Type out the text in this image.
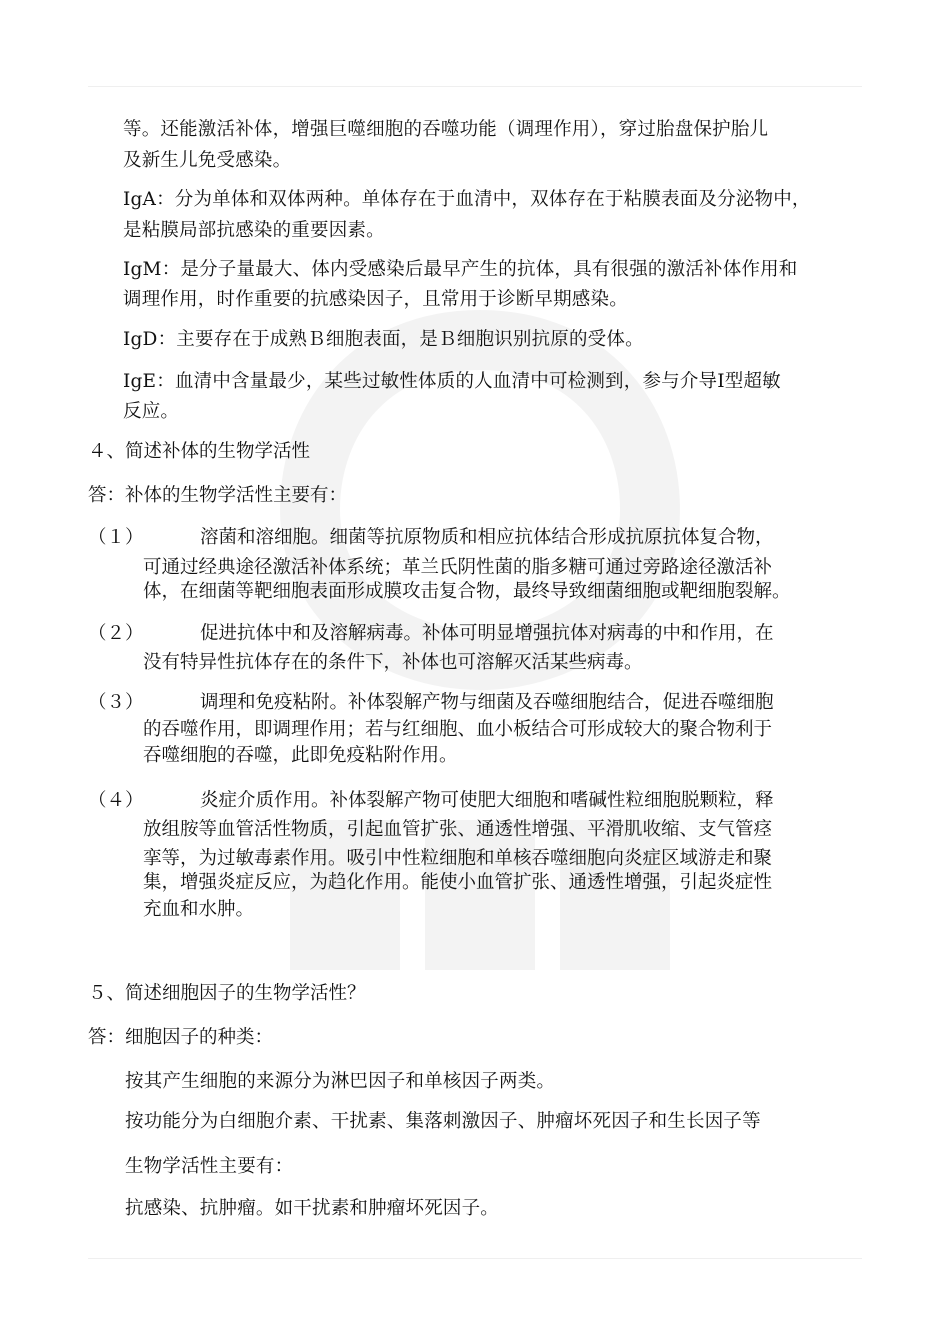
等。还能激活补体，增强巨噬细胞的吞噬功能（调理作用），穿过胎盘保护胎儿
及新生儿免受感染。
IgA：分为单体和双体两种。单体存在于血清中，双体存在于粘膜表面及分泌物中，
是粘膜局部抗感染的重要因素。
IgM：是分子量最大、体内受感染后最早产生的抗体，具有很强的激活补体作用和
调理作用，时作重要的抗感染因子，且常用于诊断早期感染。
IgD：主要存在于成熟Ｂ细胞表面，是Ｂ细胞识别抗原的受体。
IgE：血清中含量最少，某些过敏性体质的人血清中可检测到，参与介导Ⅰ型超敏
反应。
４、简述补体的生物学活性
答：补体的生物学活性主要有：
（１）	溶菌和溶细胞。细菌等抗原物质和相应抗体结合形成抗原抗体复合物，
可通过经典途径激活补体系统；革兰氏阴性菌的脂多糖可通过旁路途径激活补
体，在细菌等靶细胞表面形成膜攻击复合物，最终导致细菌细胞或靶细胞裂解。
（２）	促进抗体中和及溶解病毒。补体可明显增强抗体对病毒的中和作用，在
没有特异性抗体存在的条件下，补体也可溶解灭活某些病毒。
（３）	调理和免疫粘附。补体裂解产物与细菌及吞噬细胞结合，促进吞噬细胞
的吞噬作用，即调理作用；若与红细胞、血小板结合可形成较大的聚合物利于
吞噬细胞的吞噬，此即免疫粘附作用。
（４）	炎症介质作用。补体裂解产物可使肥大细胞和嗜碱性粒细胞脱颗粒，释
放组胺等血管活性物质，引起血管扩张、通透性增强、平滑肌收缩、支气管痉
挛等，为过敏毒素作用。吸引中性粒细胞和单核吞噬细胞向炎症区域游走和聚
集，增强炎症反应，为趋化作用。能使小血管扩张、通透性增强，引起炎症性
充血和水肿。
５、简述细胞因子的生物学活性？
答：细胞因子的种类：
按其产生细胞的来源分为淋巴因子和单核因子两类。
按功能分为白细胞介素、干扰素、集落刺激因子、肿瘤坏死因子和生长因子等
生物学活性主要有：
抗感染、抗肿瘤。如干扰素和肿瘤坏死因子。
